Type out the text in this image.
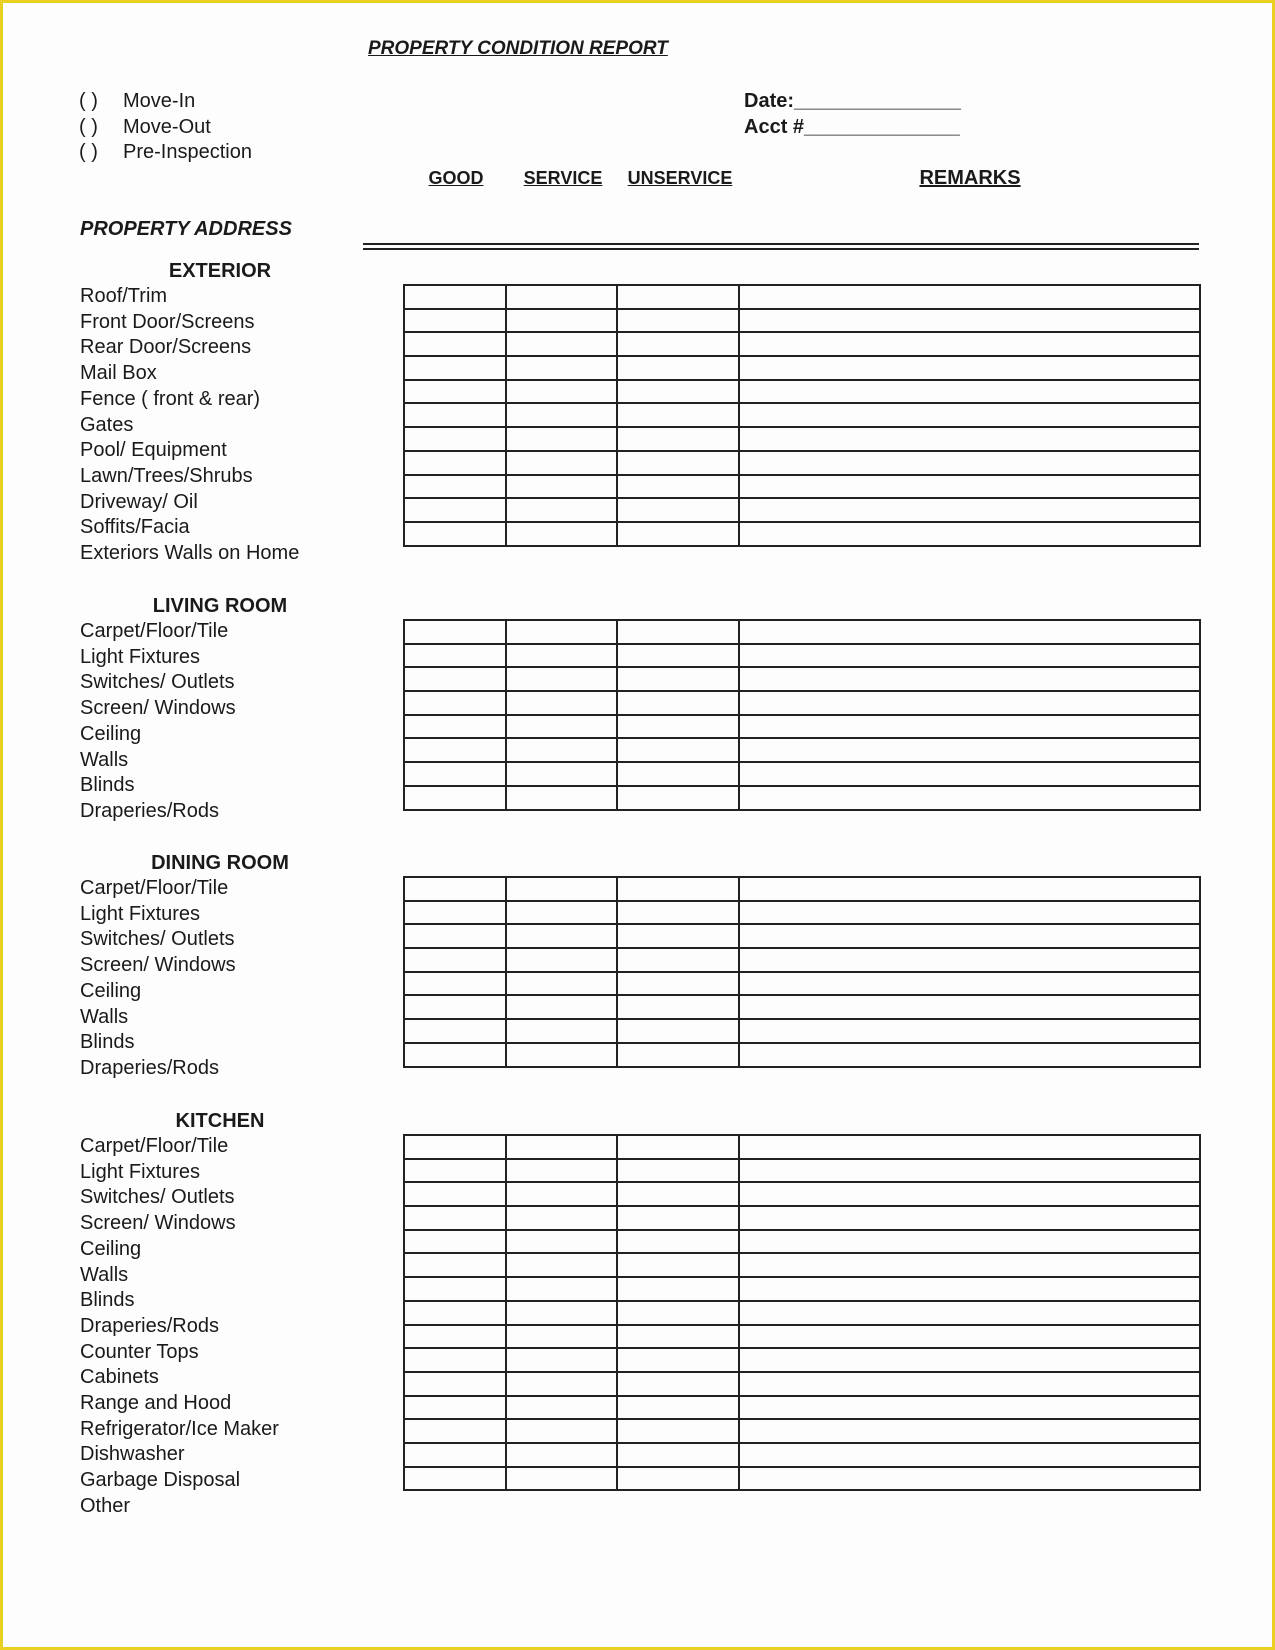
PROPERTY CONDITION REPORT
( ) Move-In
( ) Move-Out
( ) Pre-Inspection
Date:_______________
Acct #______________
GOOD	SERVICE	UNSERVICE	REMARKS
PROPERTY ADDRESS
EXTERIOR
Roof/Trim
Front Door/Screens
Rear Door/Screens
Mail Box
Fence ( front & rear)
Gates
Pool/ Equipment
Lawn/Trees/Shrubs
Driveway/ Oil
Soffits/Facia
Exteriors Walls on Home

LIVING ROOM
Carpet/Floor/Tile
Light Fixtures
Switches/ Outlets
Screen/ Windows
Ceiling
Walls
Blinds
Draperies/Rods

DINING ROOM
Carpet/Floor/Tile
Light Fixtures
Switches/ Outlets
Screen/ Windows
Ceiling
Walls
Blinds
Draperies/Rods

KITCHEN
Carpet/Floor/Tile
Light Fixtures
Switches/ Outlets
Screen/ Windows
Ceiling
Walls
Blinds
Draperies/Rods
Counter Tops
Cabinets
Range and Hood
Refrigerator/Ice Maker
Dishwasher
Garbage Disposal
Other
